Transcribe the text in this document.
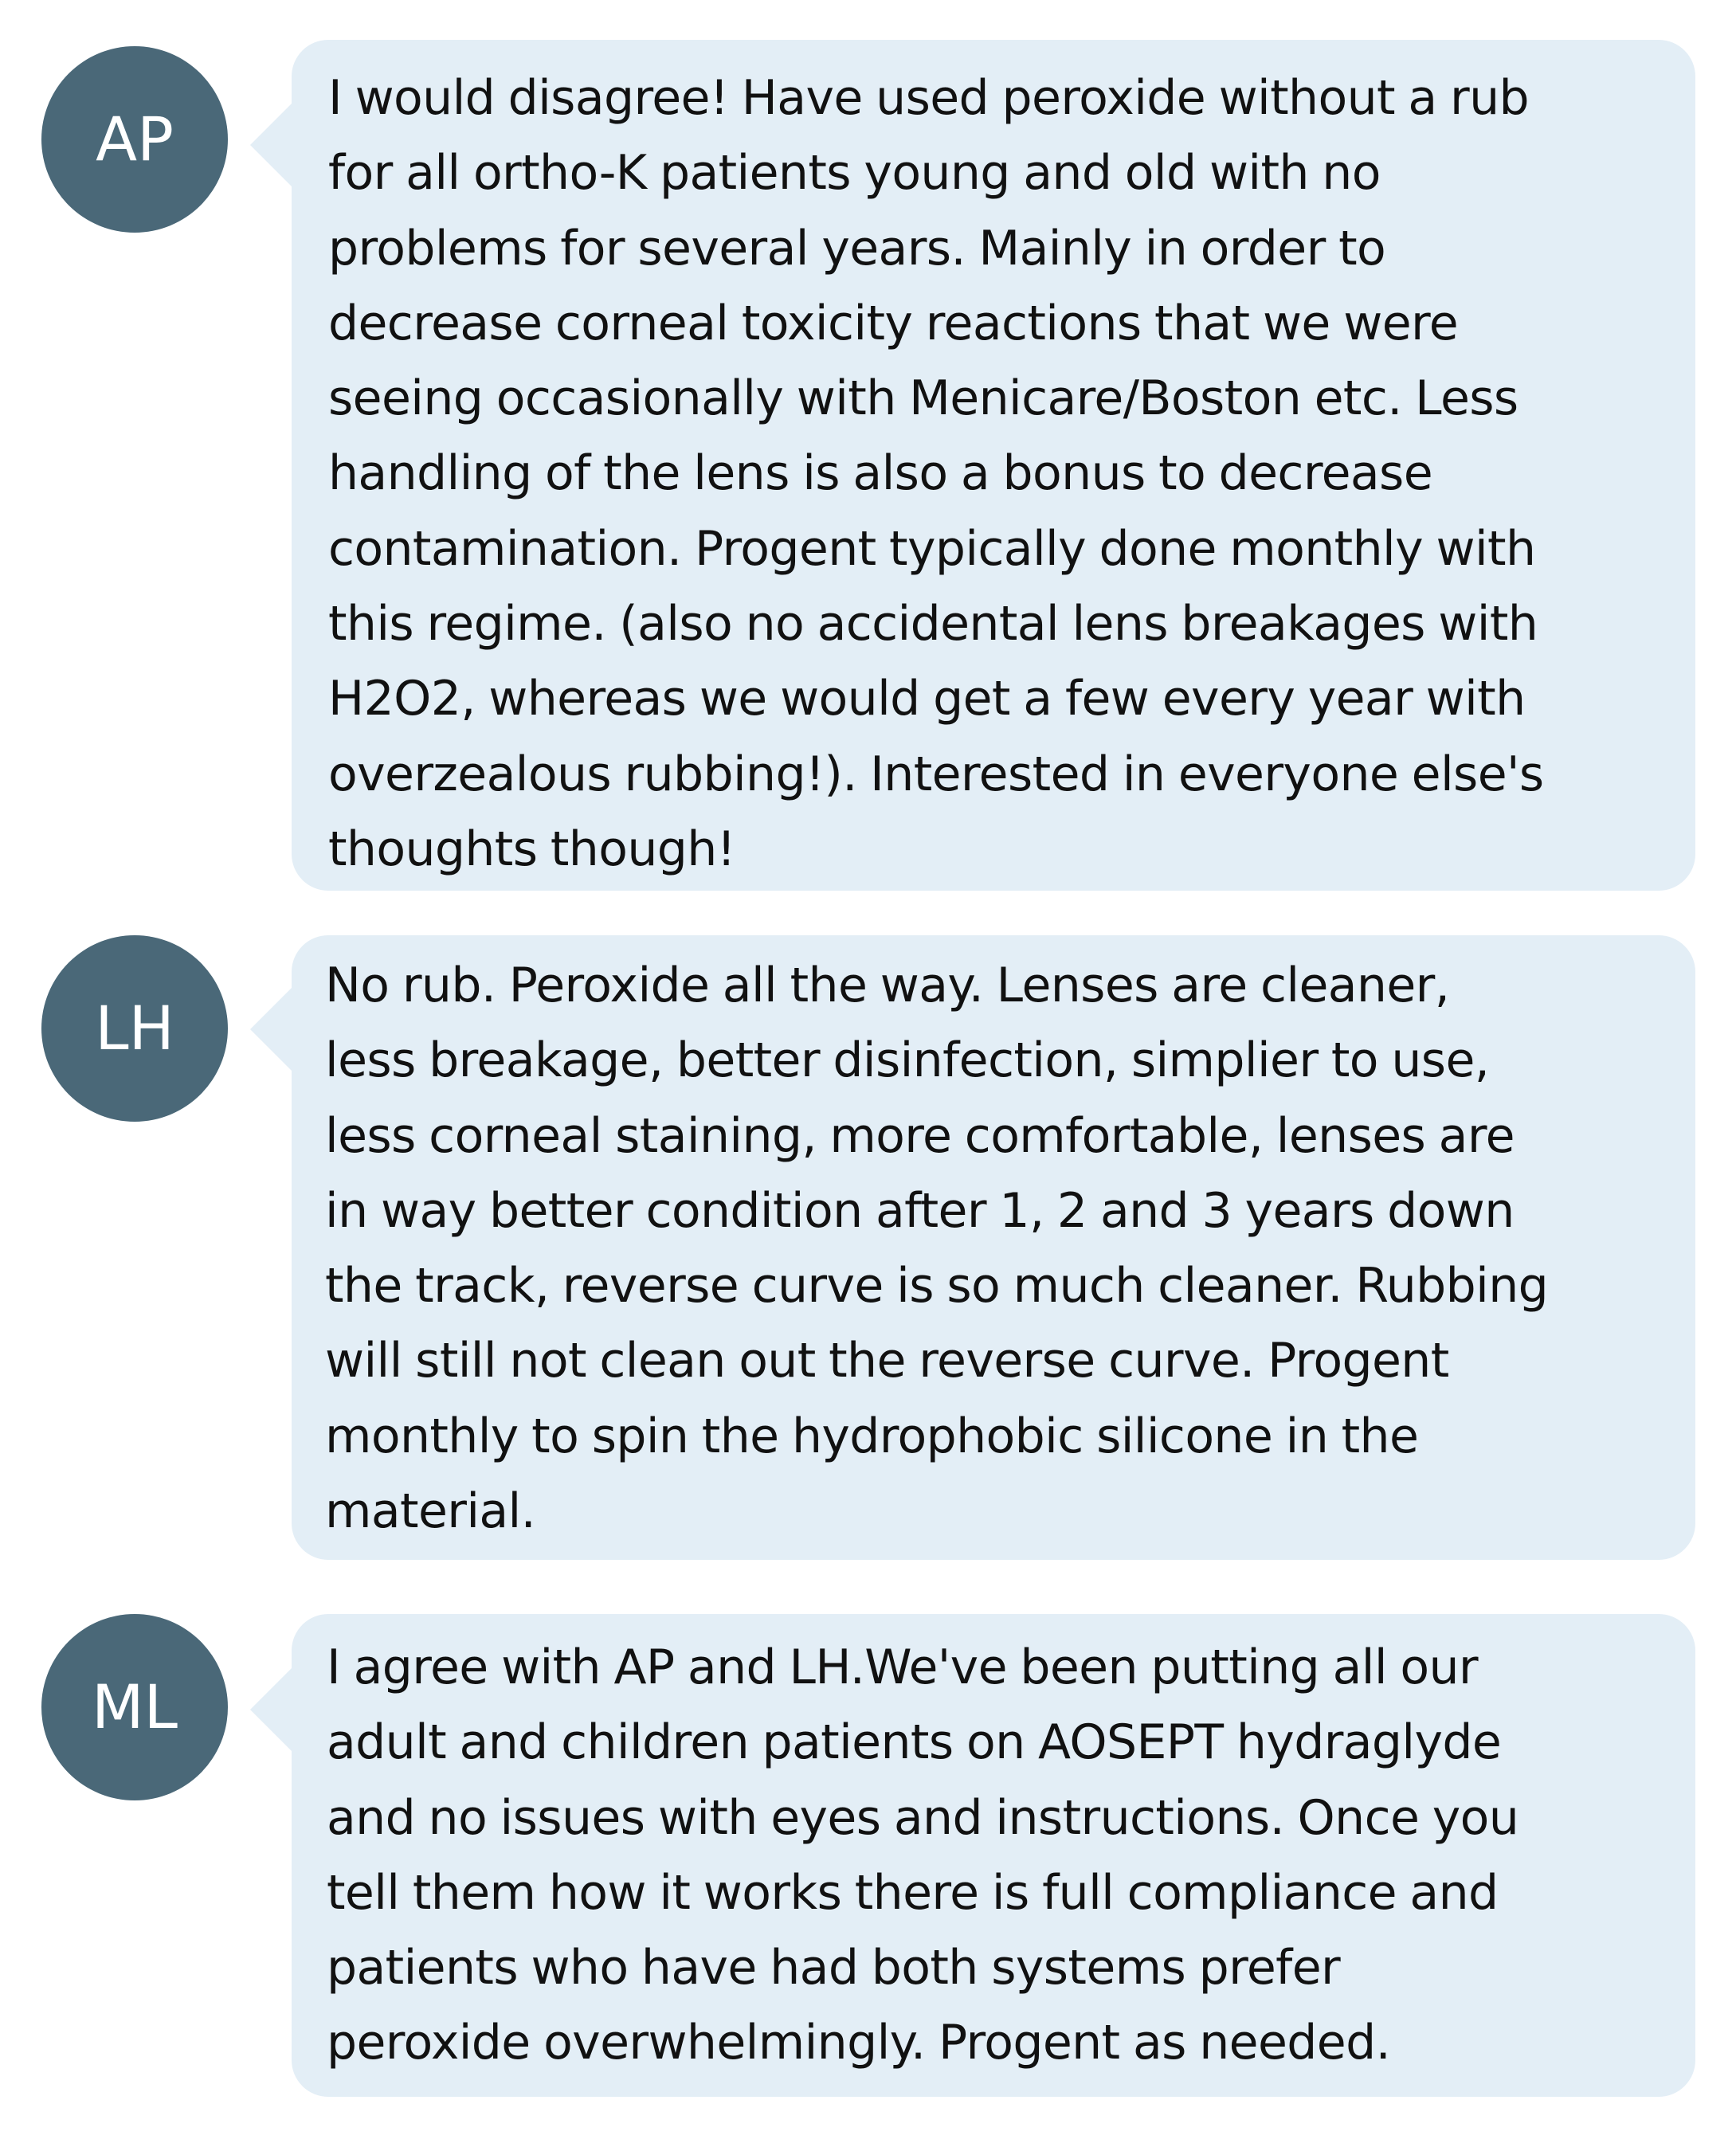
AP
I would disagree! Have used peroxide without a rub
for all ortho-K patients young and old with no
problems for several years. Mainly in order to
decrease corneal toxicity reactions that we were
seeing occasionally with Menicare/Boston etc. Less
handling of the lens is also a bonus to decrease
contamination. Progent typically done monthly with
this regime. (also no accidental lens breakages with
H2O2, whereas we would get a few every year with
overzealous rubbing!). Interested in everyone else's
thoughts though!
LH
No rub. Peroxide all the way. Lenses are cleaner,
less breakage, better disinfection, simplier to use,
less corneal staining, more comfortable, lenses are
in way better condition after 1, 2 and 3 years down
the track, reverse curve is so much cleaner. Rubbing
will still not clean out the reverse curve. Progent
monthly to spin the hydrophobic silicone in the
material.
ML
I agree with AP and LH.We've been putting all our
adult and children patients on AOSEPT hydraglyde
and no issues with eyes and instructions. Once you
tell them how it works there is full compliance and
patients who have had both systems prefer
peroxide overwhelmingly. Progent as needed.
